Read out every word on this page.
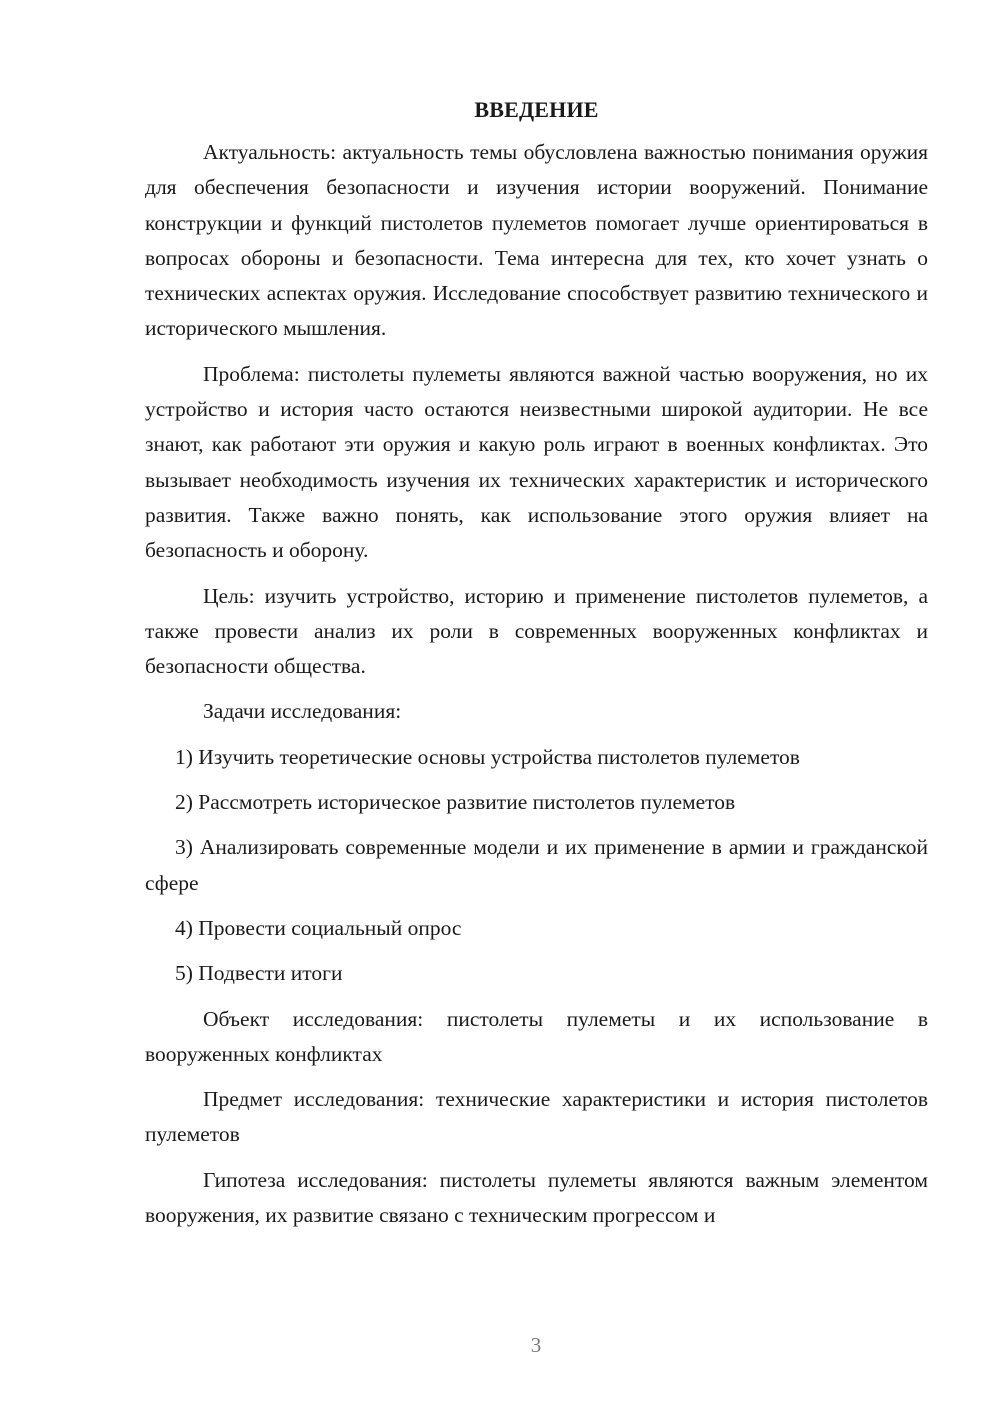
ВВЕДЕНИЕ

Актуальность: актуальность темы обусловлена важностью понимания оружия для обеспечения безопасности и изучения истории вооружений. Понимание конструкции и функций пистолетов пулеметов помогает лучше ориентироваться в вопросах обороны и безопасности. Тема интересна для тех, кто хочет узнать о технических аспектах оружия. Исследование способствует развитию технического и исторического мышления.

Проблема: пистолеты пулеметы являются важной частью вооружения, но их устройство и история часто остаются неизвестными широкой аудитории. Не все знают, как работают эти оружия и какую роль играют в военных конфликтах. Это вызывает необходимость изучения их технических характеристик и исторического развития. Также важно понять, как использование этого оружия влияет на безопасность и оборону.

Цель: изучить устройство, историю и применение пистолетов пулеметов, а также провести анализ их роли в современных вооруженных конфликтах и безопасности общества.

Задачи исследования:

1) Изучить теоретические основы устройства пистолетов пулеметов

2) Рассмотреть историческое развитие пистолетов пулеметов

3) Анализировать современные модели и их применение в армии и гражданской сфере

4) Провести социальный опрос

5) Подвести итоги

Объект исследования: пистолеты пулеметы и их использование в вооруженных конфликтах

Предмет исследования: технические характеристики и история пистолетов пулеметов

Гипотеза исследования: пистолеты пулеметы являются важным элементом вооружения, их развитие связано с техническим прогрессом и

3
